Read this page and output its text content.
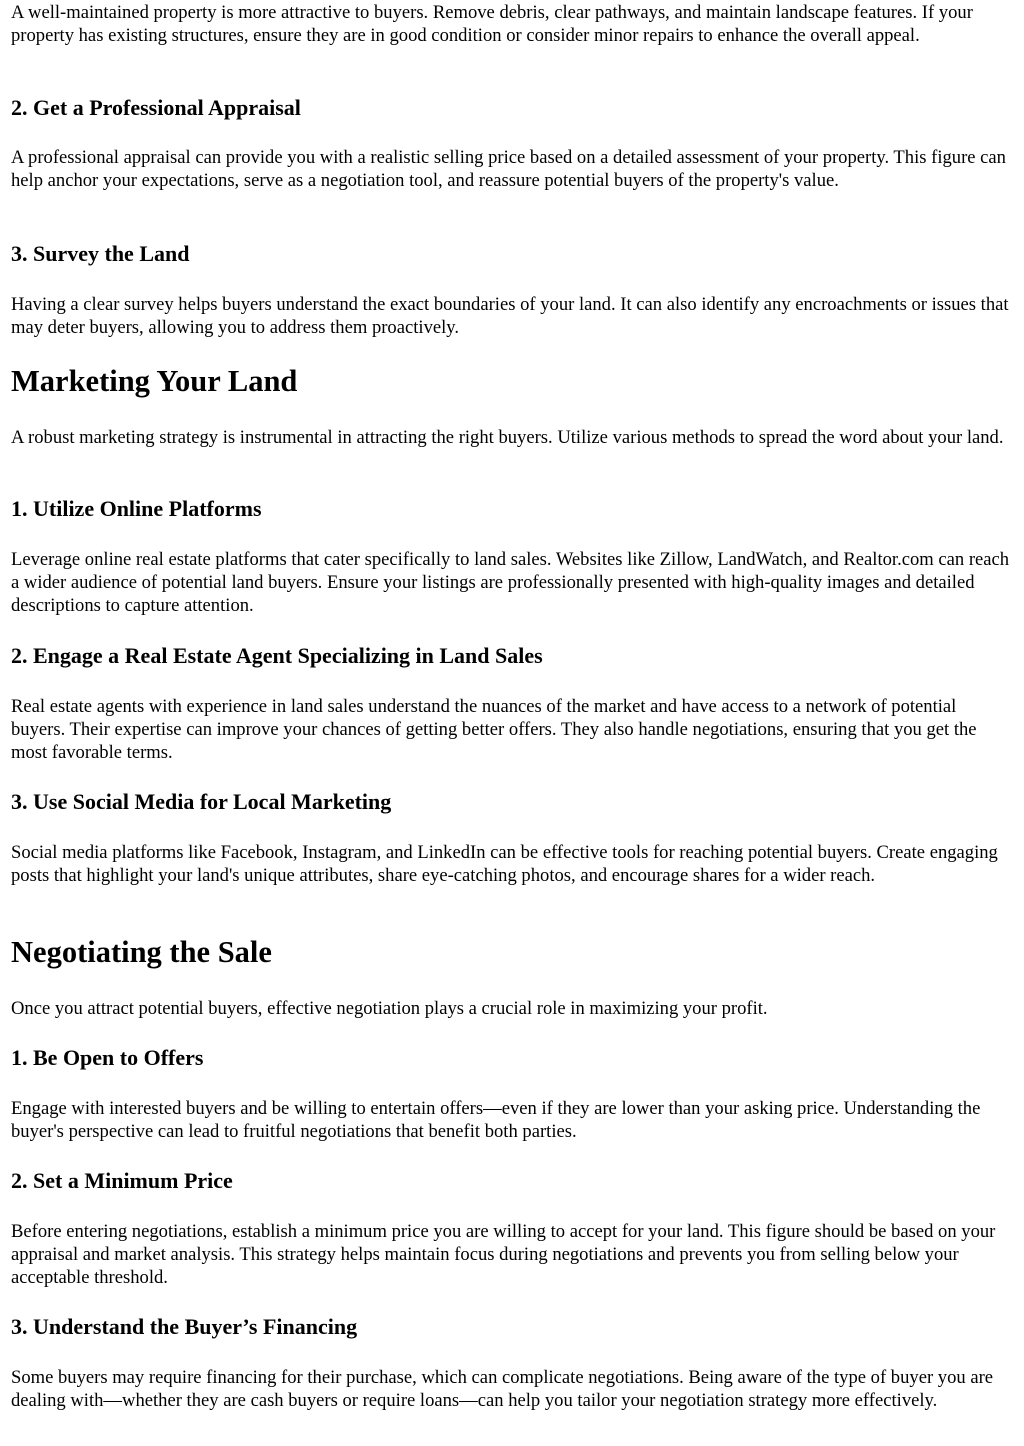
A well-maintained property is more attractive to buyers. Remove debris, clear pathways, and maintain landscape features. If your property has existing structures, ensure they are in good condition or consider minor repairs to enhance the overall appeal.

2. Get a Professional Appraisal

A professional appraisal can provide you with a realistic selling price based on a detailed assessment of your property. This figure can help anchor your expectations, serve as a negotiation tool, and reassure potential buyers of the property's value.

3. Survey the Land

Having a clear survey helps buyers understand the exact boundaries of your land. It can also identify any encroachments or issues that may deter buyers, allowing you to address them proactively.

Marketing Your Land

A robust marketing strategy is instrumental in attracting the right buyers. Utilize various methods to spread the word about your land.

1. Utilize Online Platforms

Leverage online real estate platforms that cater specifically to land sales. Websites like Zillow, LandWatch, and Realtor.com can reach a wider audience of potential land buyers. Ensure your listings are professionally presented with high-quality images and detailed descriptions to capture attention.

2. Engage a Real Estate Agent Specializing in Land Sales

Real estate agents with experience in land sales understand the nuances of the market and have access to a network of potential buyers. Their expertise can improve your chances of getting better offers. They also handle negotiations, ensuring that you get the most favorable terms.

3. Use Social Media for Local Marketing

Social media platforms like Facebook, Instagram, and LinkedIn can be effective tools for reaching potential buyers. Create engaging posts that highlight your land's unique attributes, share eye-catching photos, and encourage shares for a wider reach.

Negotiating the Sale

Once you attract potential buyers, effective negotiation plays a crucial role in maximizing your profit.

1. Be Open to Offers

Engage with interested buyers and be willing to entertain offers—even if they are lower than your asking price. Understanding the buyer's perspective can lead to fruitful negotiations that benefit both parties.

2. Set a Minimum Price

Before entering negotiations, establish a minimum price you are willing to accept for your land. This figure should be based on your appraisal and market analysis. This strategy helps maintain focus during negotiations and prevents you from selling below your acceptable threshold.

3. Understand the Buyer’s Financing

Some buyers may require financing for their purchase, which can complicate negotiations. Being aware of the type of buyer you are dealing with—whether they are cash buyers or require loans—can help you tailor your negotiation strategy more effectively.
